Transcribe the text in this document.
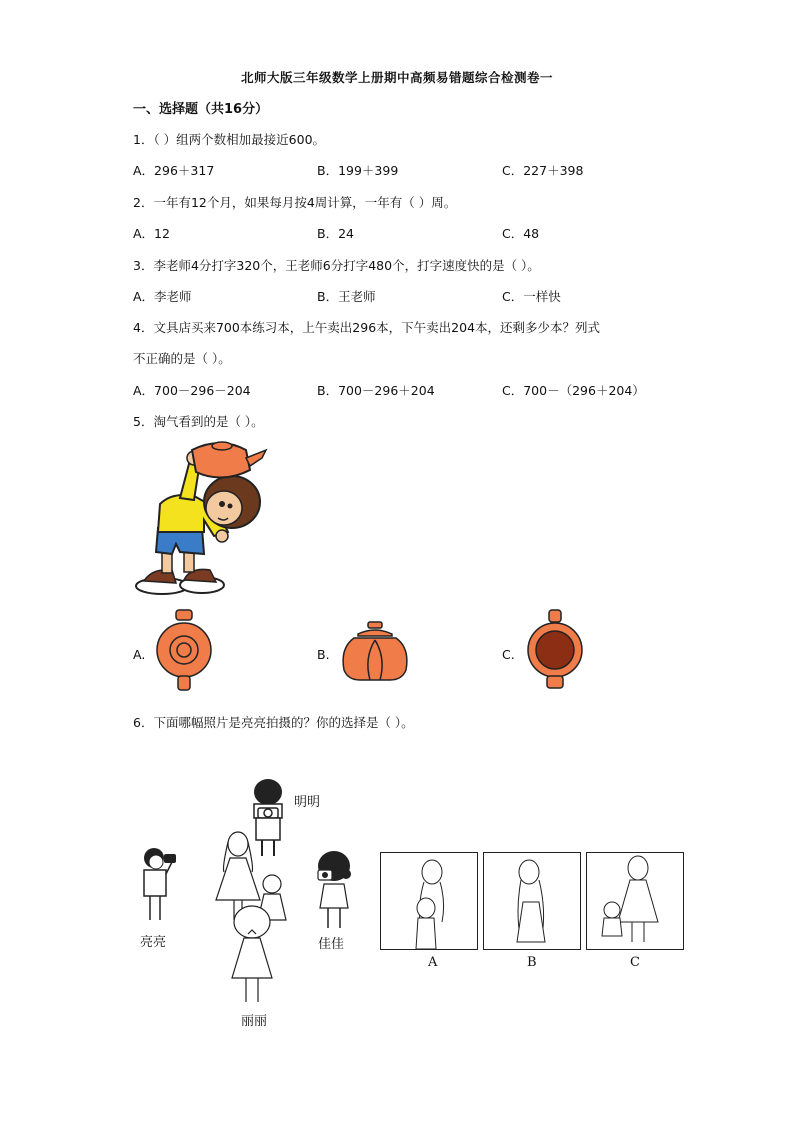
北师大版三年级数学上册期中高频易错题综合检测卷一
一、选择题（共16分）
1．（ ）组两个数相加最接近600。
A．296＋317	B．199＋399	C．227＋398
2．一年有12个月，如果每月按4周计算，一年有（ ）周。
A．12	B．24	C．48
3．李老师4分打字320个，王老师6分打字480个，打字速度快的是（ ）。
A．李老师	B．王老师	C．一样快
4．文具店买来700本练习本，上午卖出296本，下午卖出204本，还剩多少本？列式
不正确的是（ ）。
A．700－296－204	B．700－296＋204	C．700－（296＋204）
5．淘气看到的是（ ）。
A.	B.	C.
6．下面哪幅照片是亮亮拍摄的？你的选择是（ ）。
明明
亮亮
丽丽
佳佳
A	B	C
